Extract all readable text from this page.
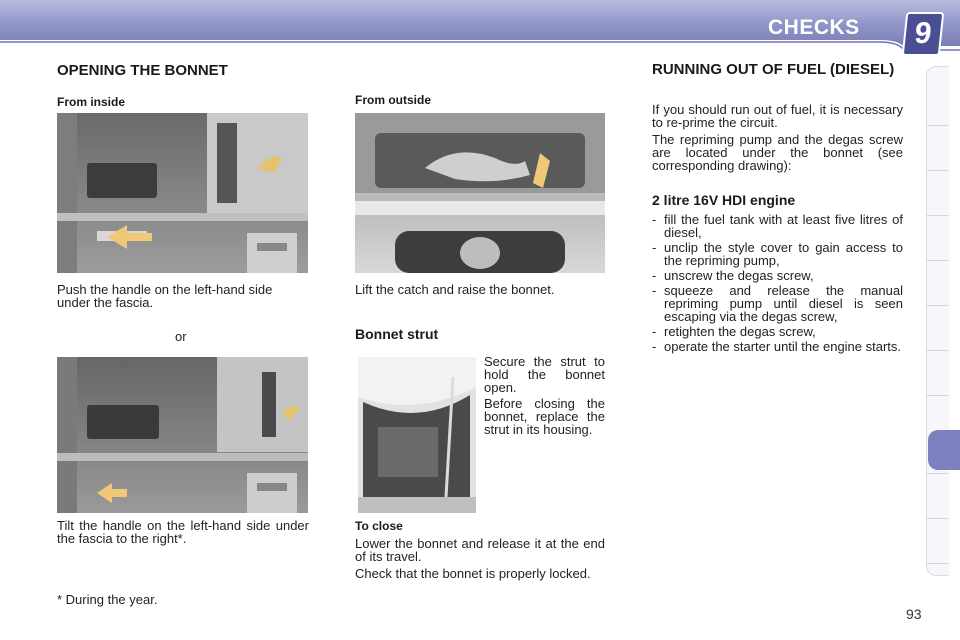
CHECKS	9
OPENING THE BONNET
From inside
Push the handle on the left-hand side under the fascia.
or
Tilt the handle on the left-hand side under the fascia to the right*.
* During the year.
From outside
Lift the catch and raise the bonnet.
Bonnet strut
Secure the strut to hold the bonnet open.
Before closing the bonnet, replace the strut in its housing.
To close
Lower the bonnet and release it at the end of its travel.
Check that the bonnet is properly locked.
RUNNING OUT OF FUEL (DIESEL)
If you should run out of fuel, it is necessary to re-prime the circuit.
The repriming pump and the degas screw are located under the bonnet (see corresponding drawing):
2 litre 16V HDI engine
- fill the fuel tank with at least five litres of diesel,
- unclip the style cover to gain access to the repriming pump,
- unscrew the degas screw,
- squeeze and release the manual repriming pump until diesel is seen escaping via the degas screw,
- retighten the degas screw,
- operate the starter until the engine starts.
93
